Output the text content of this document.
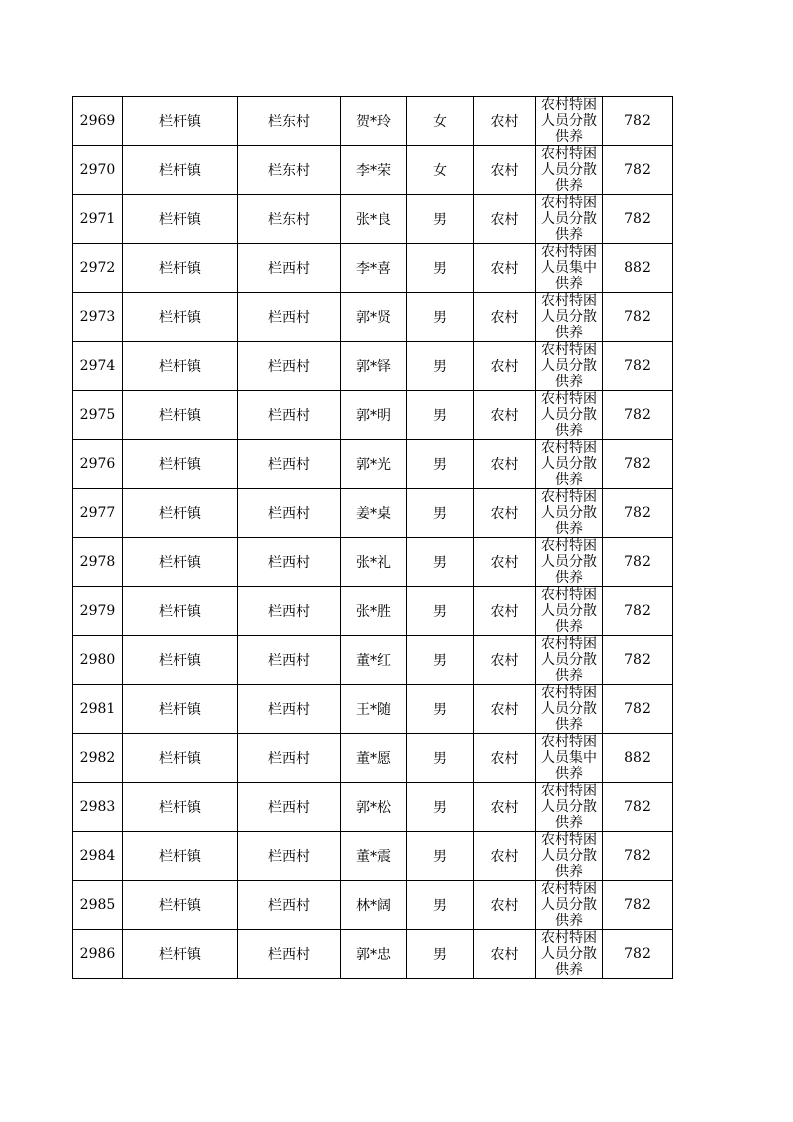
2969	栏杆镇	栏东村	贺*玲	女	农村	农村特困人员分散供养	782
2970	栏杆镇	栏东村	李*荣	女	农村	农村特困人员分散供养	782
2971	栏杆镇	栏东村	张*良	男	农村	农村特困人员分散供养	782
2972	栏杆镇	栏西村	李*喜	男	农村	农村特困人员集中供养	882
2973	栏杆镇	栏西村	郭*贤	男	农村	农村特困人员分散供养	782
2974	栏杆镇	栏西村	郭*铎	男	农村	农村特困人员分散供养	782
2975	栏杆镇	栏西村	郭*明	男	农村	农村特困人员分散供养	782
2976	栏杆镇	栏西村	郭*光	男	农村	农村特困人员分散供养	782
2977	栏杆镇	栏西村	姜*桌	男	农村	农村特困人员分散供养	782
2978	栏杆镇	栏西村	张*礼	男	农村	农村特困人员分散供养	782
2979	栏杆镇	栏西村	张*胜	男	农村	农村特困人员分散供养	782
2980	栏杆镇	栏西村	董*红	男	农村	农村特困人员分散供养	782
2981	栏杆镇	栏西村	王*随	男	农村	农村特困人员分散供养	782
2982	栏杆镇	栏西村	董*愿	男	农村	农村特困人员集中供养	882
2983	栏杆镇	栏西村	郭*松	男	农村	农村特困人员分散供养	782
2984	栏杆镇	栏西村	董*震	男	农村	农村特困人员分散供养	782
2985	栏杆镇	栏西村	林*阔	男	农村	农村特困人员分散供养	782
2986	栏杆镇	栏西村	郭*忠	男	农村	农村特困人员分散供养	782
